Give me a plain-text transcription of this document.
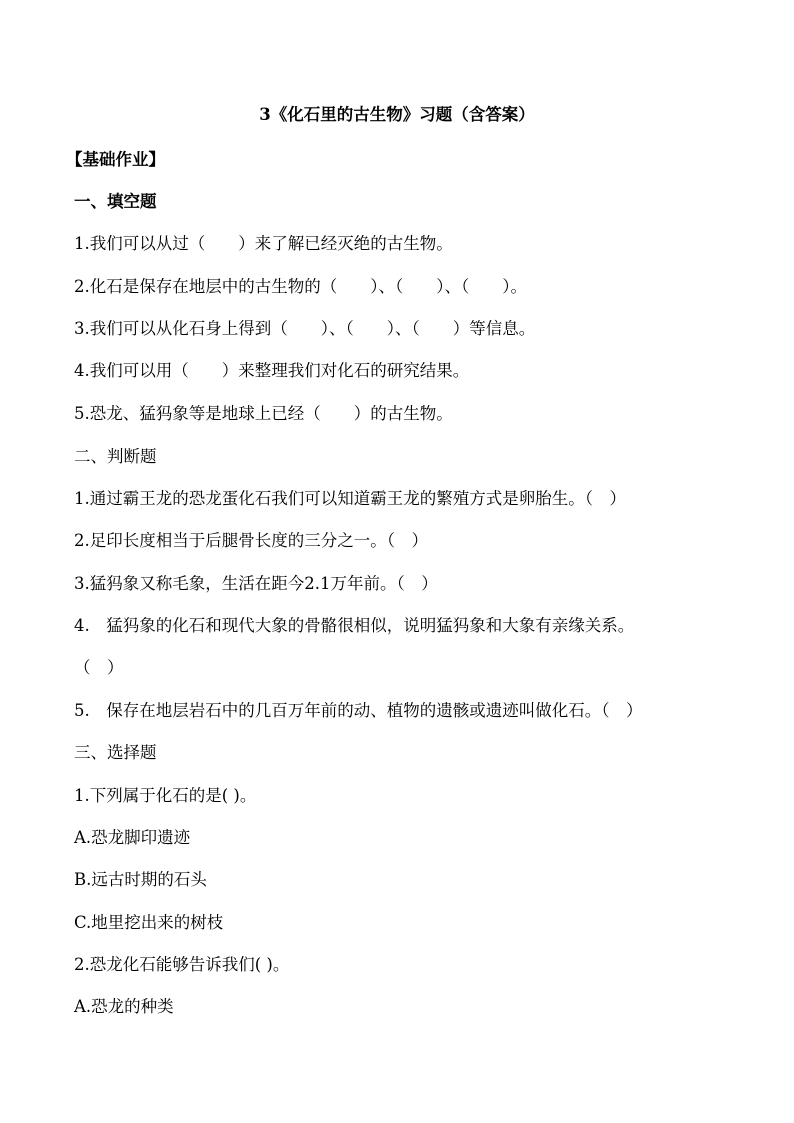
3《化石里的古生物》习题（含答案）
【基础作业】
一、填空题
1.我们可以从过（　　）来了解已经灭绝的古生物。
2.化石是保存在地层中的古生物的（　　）、（　　）、（　　）。
3.我们可以从化石身上得到（　　）、（　　）、（　　）等信息。
4.我们可以用（　　）来整理我们对化石的研究结果。
5.恐龙、猛犸象等是地球上已经（　　）的古生物。
二、判断题
1.通过霸王龙的恐龙蛋化石我们可以知道霸王龙的繁殖方式是卵胎生。（　）
2.足印长度相当于后腿骨长度的三分之一。（　）
3.猛犸象又称毛象，生活在距今2.1万年前。（　）
4.　猛犸象的化石和现代大象的骨骼很相似，说明猛犸象和大象有亲缘关系。
（　）
5.　保存在地层岩石中的几百万年前的动、植物的遗骸或遗迹叫做化石。（　）
三、选择题
1.下列属于化石的是( )。
A.恐龙脚印遗迹
B.远古时期的石头
C.地里挖出来的树枝
2.恐龙化石能够告诉我们( )。
A.恐龙的种类
